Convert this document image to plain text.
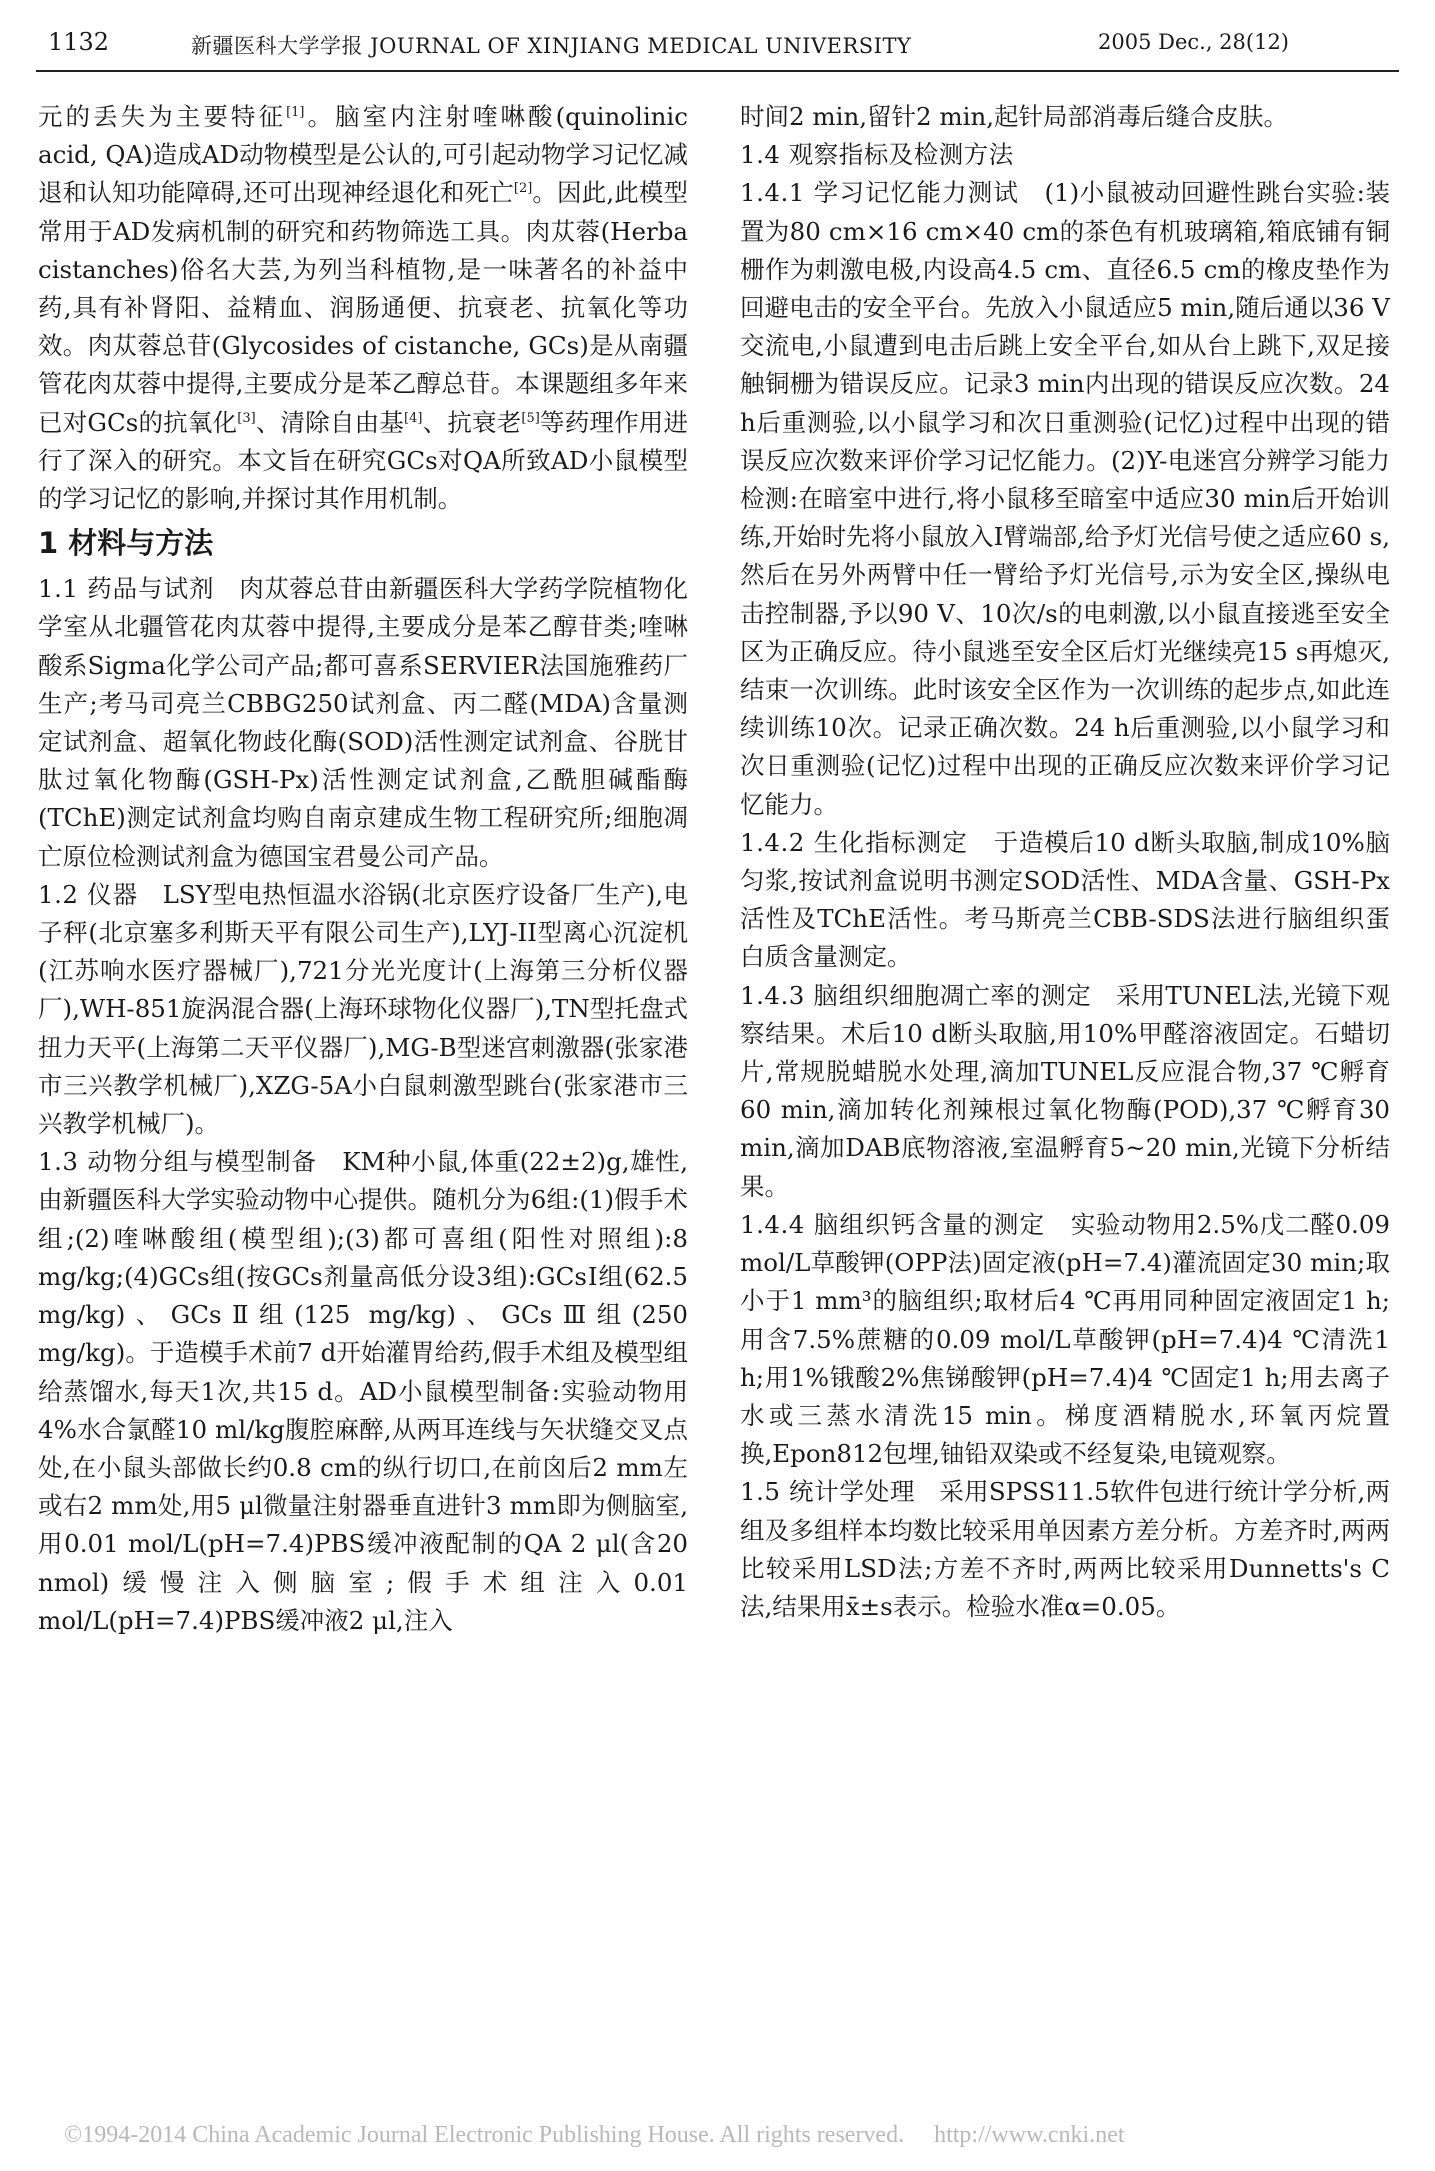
1132	新疆医科大学学报 JOURNAL OF XINJIANG MEDICAL UNIVERSITY	2005 Dec., 28(12)

元的丢失为主要特征[1]。脑室内注射喹啉酸(quinolinic acid, QA)造成AD动物模型是公认的,可引起动物学习记忆减退和认知功能障碍,还可出现神经退化和死亡[2]。因此,此模型常用于AD发病机制的研究和药物筛选工具。肉苁蓉(Herba cistanches)俗名大芸,为列当科植物,是一味著名的补益中药,具有补肾阳、益精血、润肠通便、抗衰老、抗氧化等功效。肉苁蓉总苷(Glycosides of cistanche, GCs)是从南疆管花肉苁蓉中提得,主要成分是苯乙醇总苷。本课题组多年来已对GCs的抗氧化[3]、清除自由基[4]、抗衰老[5]等药理作用进行了深入的研究。本文旨在研究GCs对QA所致AD小鼠模型的学习记忆的影响,并探讨其作用机制。

1 材料与方法

1.1 药品与试剂 肉苁蓉总苷由新疆医科大学药学院植物化学室从北疆管花肉苁蓉中提得,主要成分是苯乙醇苷类;喹啉酸系Sigma化学公司产品;都可喜系SERVIER法国施雅药厂生产;考马司亮兰CBBG250试剂盒、丙二醛(MDA)含量测定试剂盒、超氧化物歧化酶(SOD)活性测定试剂盒、谷胱甘肽过氧化物酶(GSH-Px)活性测定试剂盒,乙酰胆碱酯酶(TChE)测定试剂盒均购自南京建成生物工程研究所;细胞凋亡原位检测试剂盒为德国宝君曼公司产品。

1.2 仪器 LSY型电热恒温水浴锅(北京医疗设备厂生产),电子秤(北京塞多利斯天平有限公司生产),LYJ-II型离心沉淀机(江苏响水医疗器械厂),721分光光度计(上海第三分析仪器厂),WH-851旋涡混合器(上海环球物化仪器厂),TN型托盘式扭力天平(上海第二天平仪器厂),MG-B型迷宫刺激器(张家港市三兴教学机械厂),XZG-5A小白鼠刺激型跳台(张家港市三兴教学机械厂)。

1.3 动物分组与模型制备 KM种小鼠,体重(22±2)g,雄性,由新疆医科大学实验动物中心提供。随机分为6组:(1)假手术组;(2)喹啉酸组(模型组);(3)都可喜组(阳性对照组):8 mg/kg;(4)GCs组(按GCs剂量高低分设3组):GCsⅠ组(62.5 mg/kg)、GCsⅡ组(125 mg/kg)、GCsⅢ组(250 mg/kg)。于造模手术前7 d开始灌胃给药,假手术组及模型组给蒸馏水,每天1次,共15 d。AD小鼠模型制备:实验动物用4%水合氯醛10 ml/kg腹腔麻醉,从两耳连线与矢状缝交叉点处,在小鼠头部做长约0.8 cm的纵行切口,在前囟后2 mm左或右2 mm处,用5 μl微量注射器垂直进针3 mm即为侧脑室,用0.01 mol/L(pH=7.4)PBS缓冲液配制的QA 2 μl(含20 nmol)缓慢注入侧脑室;假手术组注入0.01 mol/L(pH=7.4)PBS缓冲液2 μl,注入

时间2 min,留针2 min,起针局部消毒后缝合皮肤。

1.4 观察指标及检测方法

1.4.1 学习记忆能力测试 (1)小鼠被动回避性跳台实验:装置为80 cm×16 cm×40 cm的茶色有机玻璃箱,箱底铺有铜栅作为刺激电极,内设高4.5 cm、直径6.5 cm的橡皮垫作为回避电击的安全平台。先放入小鼠适应5 min,随后通以36 V交流电,小鼠遭到电击后跳上安全平台,如从台上跳下,双足接触铜栅为错误反应。记录3 min内出现的错误反应次数。24 h后重测验,以小鼠学习和次日重测验(记忆)过程中出现的错误反应次数来评价学习记忆能力。(2)Y-电迷宫分辨学习能力检测:在暗室中进行,将小鼠移至暗室中适应30 min后开始训练,开始时先将小鼠放入Ⅰ臂端部,给予灯光信号使之适应60 s,然后在另外两臂中任一臂给予灯光信号,示为安全区,操纵电击控制器,予以90 V、10次/s的电刺激,以小鼠直接逃至安全区为正确反应。待小鼠逃至安全区后灯光继续亮15 s再熄灭,结束一次训练。此时该安全区作为一次训练的起步点,如此连续训练10次。记录正确次数。24 h后重测验,以小鼠学习和次日重测验(记忆)过程中出现的正确反应次数来评价学习记忆能力。

1.4.2 生化指标测定 于造模后10 d断头取脑,制成10%脑匀浆,按试剂盒说明书测定SOD活性、MDA含量、GSH-Px活性及TChE活性。考马斯亮兰CBB-SDS法进行脑组织蛋白质含量测定。

1.4.3 脑组织细胞凋亡率的测定 采用TUNEL法,光镜下观察结果。术后10 d断头取脑,用10%甲醛溶液固定。石蜡切片,常规脱蜡脱水处理,滴加TUNEL反应混合物,37 ℃孵育60 min,滴加转化剂辣根过氧化物酶(POD),37 ℃孵育30 min,滴加DAB底物溶液,室温孵育5~20 min,光镜下分析结果。

1.4.4 脑组织钙含量的测定 实验动物用2.5%戊二醛0.09 mol/L草酸钾(OPP法)固定液(pH=7.4)灌流固定30 min;取小于1 mm³的脑组织;取材后4 ℃再用同种固定液固定1 h;用含7.5%蔗糖的0.09 mol/L草酸钾(pH=7.4)4 ℃清洗1 h;用1%锇酸2%焦锑酸钾(pH=7.4)4 ℃固定1 h;用去离子水或三蒸水清洗15 min。梯度酒精脱水,环氧丙烷置换,Epon812包埋,铀铅双染或不经复染,电镜观察。

1.5 统计学处理 采用SPSS11.5软件包进行统计学分析,两组及多组样本均数比较采用单因素方差分析。方差齐时,两两比较采用LSD法;方差不齐时,两两比较采用Dunnetts's C法,结果用x̄±s表示。检验水准α=0.05。

©1994-2014 China Academic Journal Electronic Publishing House. All rights reserved. http://www.cnki.net
